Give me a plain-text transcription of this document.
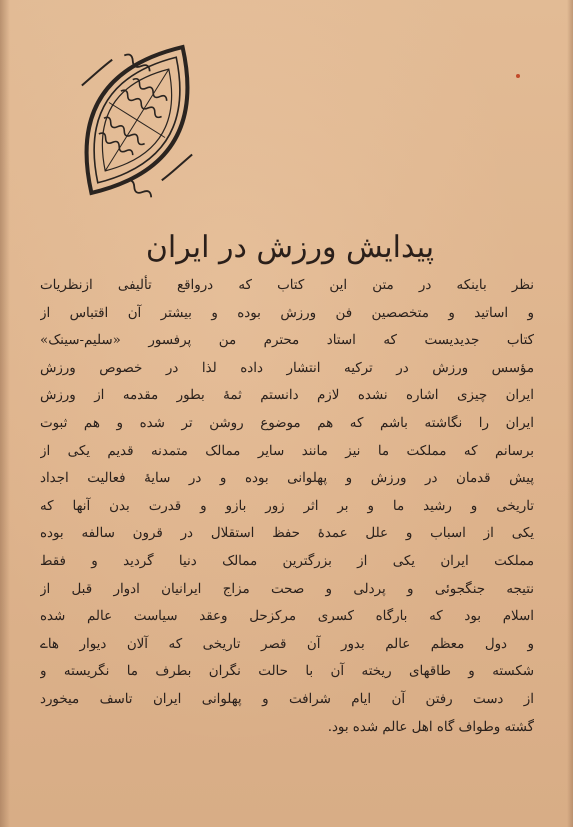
پیدایش ورزش در ایران
نظر باینکه در متن این کتاب که درواقع تألیفی ازنظریات
و اساتید و متخصصین فن ورزش بوده و بیشتر آن اقتباس از
کتاب جدیدیست که استاد محترم من پرفسور «سلیم-سینک»
مؤسس ورزش در ترکیه انتشار داده لذا در خصوص ورزش
ایران چیزی اشاره نشده لازم دانستم ثمهٔ بطور مقدمه از ورزش
ایران را نگاشته باشم که هم موضوع روشن تر شده و هم ثبوت
برسانم که مملکت ما نیز مانند سایر ممالک متمدنه قدیم یکی از
پیش قدمان در ورزش و پهلوانی بوده و در سایهٔ فعالیت اجداد
تاریخی و رشید ما و بر اثر زور بازو و قدرت بدن آنها که
یکی از اسباب و علل عمدهٔ حفظ استقلال در قرون سالفه بوده
مملکت ایران یکی از بزرگترین ممالک دنیا گردید و فقط
نتیجه جنگجوئی و پردلی و صحت مزاج ایرانیان ادوار قبل از
اسلام بود که بارگاه کسری مرکزحل وعقد سیاست عالم شده
و دول معظم عالم بدور آن قصر تاریخی که آلان دیوار هاے
شکسته و طاقهای ریخته آن با حالت نگران بطرف ما نگریسته و
از دست رفتن آن ایام شرافت و پهلوانی ایران تاسف میخورد
گشته وطواف گاه اهل عالم شده بود.
